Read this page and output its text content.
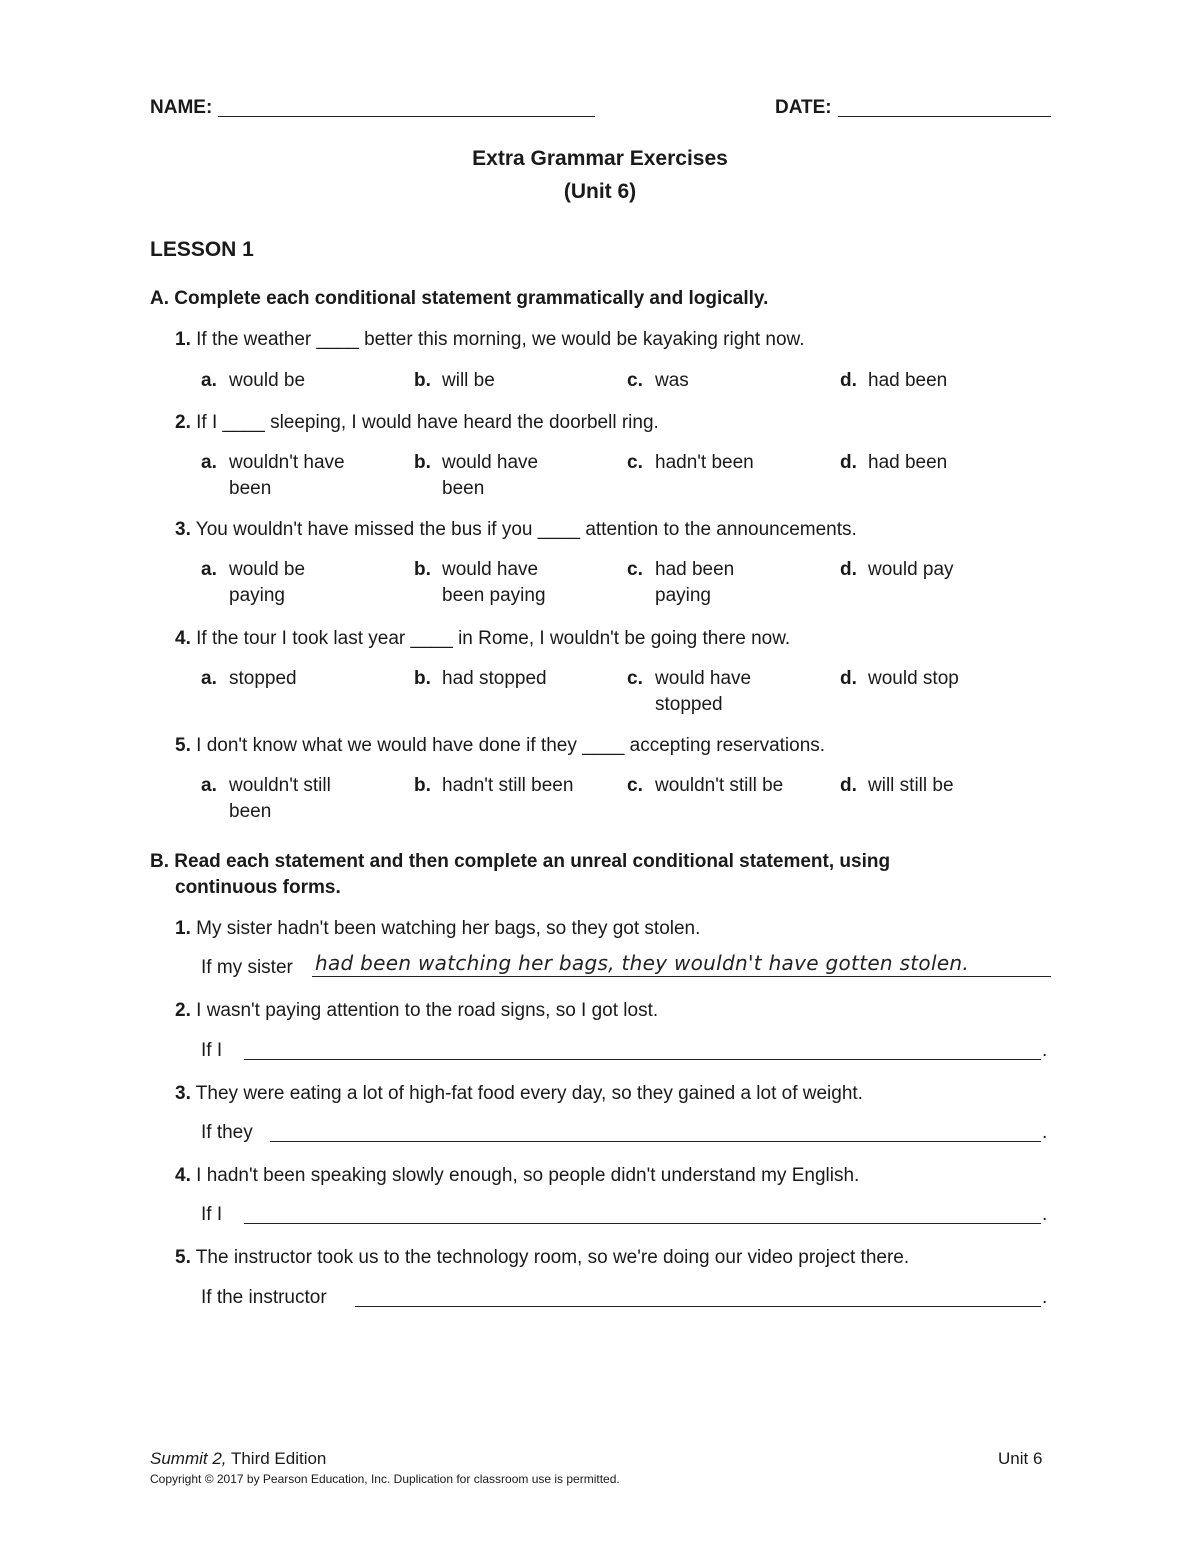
NAME:	DATE:
Extra Grammar Exercises
(Unit 6)
LESSON 1
A. Complete each conditional statement grammatically and logically.
1. If the weather ____ better this morning, we would be kayaking right now.
a. would be	b. will be	c. was	d. had been
2. If I ____ sleeping, I would have heard the doorbell ring.
a. wouldn't have been
b. would have been
c. hadn't been	d. had been
3. You wouldn't have missed the bus if you ____ attention to the announcements.
a. would be paying
b. would have been paying
c. had been paying
d. would pay
4. If the tour I took last year ____ in Rome, I wouldn't be going there now.
a. stopped	b. had stopped	c. would have stopped
d. would stop
5. I don't know what we would have done if they ____ accepting reservations.
a. wouldn't still been
b. hadn't still been	c. wouldn't still be	d. will still be
B. Read each statement and then complete an unreal conditional statement, using
continuous forms.
1. My sister hadn't been watching her bags, so they got stolen.
If my sister had been watching her bags, they wouldn't have gotten stolen.
2. I wasn't paying attention to the road signs, so I got lost.
If I	.
3. They were eating a lot of high-fat food every day, so they gained a lot of weight.
If they	.
4. I hadn't been speaking slowly enough, so people didn't understand my English.
If I	.
5. The instructor took us to the technology room, so we're doing our video project there.
If the instructor	.
Summit 2, Third Edition	Unit 6
Copyright © 2017 by Pearson Education, Inc. Duplication for classroom use is permitted.
